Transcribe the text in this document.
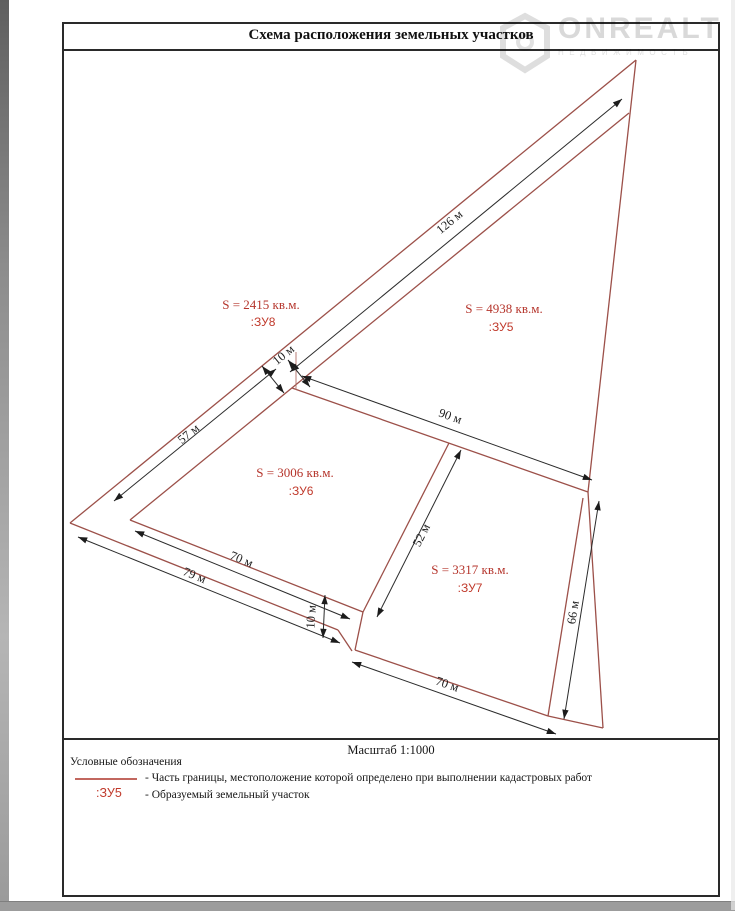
Схема расположения земельных участков ONREALT
НЕДВИЖИМОСТЬ
126 м
90 м
57 м
70 м
79 м
52 м
66 м
70 м
10 м
10 м
S = 2415 кв.м.
:ЗУ8
S = 4938 кв.м.
:ЗУ5
S = 3006 кв.м.
:ЗУ6
S = 3317 кв.м.
:ЗУ7
Масштаб 1:1000
Условные обозначения
- Часть границы, местоположение которой определено при выполнении кадастровых работ
:ЗУ5 - Образуемый земельный участок
